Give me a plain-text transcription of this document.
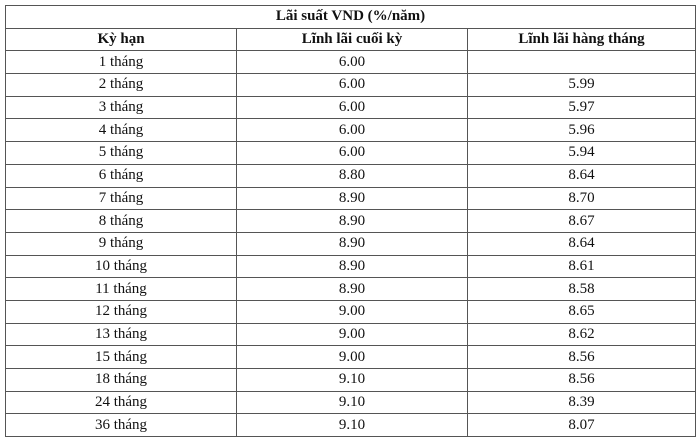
Lãi suất VND (%/năm)		
Kỳ hạn	Lĩnh lãi cuối kỳ	Lĩnh lãi hàng tháng
1 tháng	6.00	
2 tháng	6.00	5.99
3 tháng	6.00	5.97
4 tháng	6.00	5.96
5 tháng	6.00	5.94
6 tháng	8.80	8.64
7 tháng	8.90	8.70
8 tháng	8.90	8.67
9 tháng	8.90	8.64
10 tháng	8.90	8.61
11 tháng	8.90	8.58
12 tháng	9.00	8.65
13 tháng	9.00	8.62
15 tháng	9.00	8.56
18 tháng	9.10	8.56
24 tháng	9.10	8.39
36 tháng	9.10	8.07
